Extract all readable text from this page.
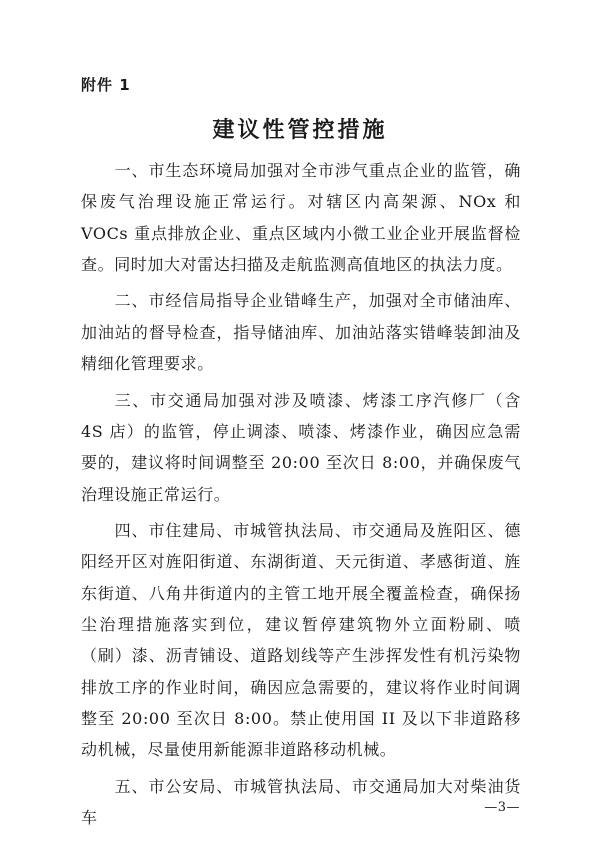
附件 1
建议性管控措施

一、市生态环境局加强对全市涉气重点企业的监管，确保废气治理设施正常运行。对辖区内高架源、NOx 和 VOCs 重点排放企业、重点区域内小微工业企业开展监督检查。同时加大对雷达扫描及走航监测高值地区的执法力度。

二、市经信局指导企业错峰生产，加强对全市储油库、加油站的督导检查，指导储油库、加油站落实错峰装卸油及精细化管理要求。

三、市交通局加强对涉及喷漆、烤漆工序汽修厂（含 4S 店）的监管，停止调漆、喷漆、烤漆作业，确因应急需要的，建议将时间调整至 20:00 至次日 8:00，并确保废气治理设施正常运行。

四、市住建局、市城管执法局、市交通局及旌阳区、德阳经开区对旌阳街道、东湖街道、天元街道、孝感街道、旌东街道、八角井街道内的主管工地开展全覆盖检查，确保扬尘治理措施落实到位，建议暂停建筑物外立面粉刷、喷（刷）漆、沥青铺设、道路划线等产生涉挥发性有机污染物排放工序的作业时间，确因应急需要的，建议将作业时间调整至 20:00 至次日 8:00。禁止使用国 II 及以下非道路移动机械，尽量使用新能源非道路移动机械。

五、市公安局、市城管执法局、市交通局加大对柴油货车

—3—
